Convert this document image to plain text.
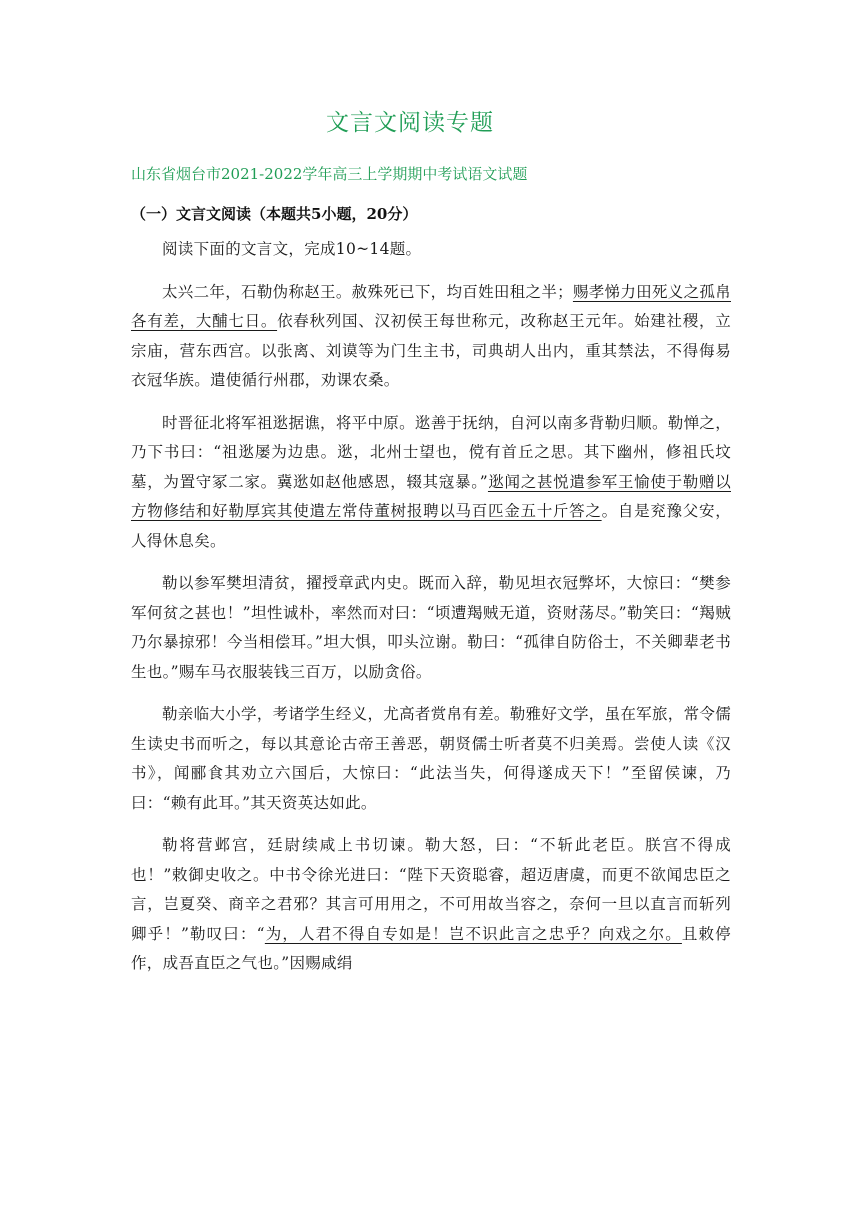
文言文阅读专题
山东省烟台市2021-2022学年高三上学期期中考试语文试题
（一）文言文阅读（本题共5小题，20分）

阅读下面的文言文，完成10~14题。

太兴二年，石勒伪称赵王。赦殊死已下，均百姓田租之半；赐孝悌力田死义之孤帛各有差，大酺七日。依春秋列国、汉初侯王每世称元，改称赵王元年。始建社稷，立宗庙，营东西宫。以张离、刘谟等为门生主书，司典胡人出内，重其禁法，不得侮易衣冠华族。遣使循行州郡，劝课农桑。

时晋征北将军祖逖据谯，将平中原。逖善于抚纳，自河以南多背勒归顺。勒惮之，乃下书曰：“祖逖屡为边患。逖，北州士望也，傥有首丘之思。其下幽州，修祖氏坟墓，为置守冢二家。冀逖如赵他感恩，辍其寇暴。”逖闻之甚悦遣参军王愉使于勒赠以方物修结和好勒厚宾其使遣左常侍董树报聘以马百匹金五十斤答之。自是兖豫父安，人得休息矣。

勒以参军樊坦清贫，擢授章武内史。既而入辞，勒见坦衣冠弊坏，大惊曰：“樊参军何贫之甚也！”坦性诚朴，率然而对曰：“顷遭羯贼无道，资财荡尽。”勒笑曰：“羯贼乃尔暴掠邪！今当相偿耳。”坦大惧，叩头泣谢。勒曰：“孤律自防俗士，不关卿辈老书生也。”赐车马衣服装钱三百万，以励贪俗。

勒亲临大小学，考诸学生经义，尤高者赏帛有差。勒雅好文学，虽在军旅，常令儒生读史书而听之，每以其意论古帝王善恶，朝贤儒士听者莫不归美焉。尝使人读《汉书》，闻郦食其劝立六国后，大惊曰：“此法当失，何得遂成天下！”至留侯谏，乃曰：“赖有此耳。”其天资英达如此。

勒将营邺宫，廷尉续咸上书切谏。勒大怒，曰：“不斩此老臣。朕宫不得成也！”敕御史收之。中书令徐光进曰：“陛下天资聪睿，超迈唐虞，而更不欲闻忠臣之言，岂夏癸、商辛之君邪？其言可用用之，不可用故当容之，奈何一旦以直言而斩列卿乎！”勒叹曰：“为，人君不得自专如是！岂不识此言之忠乎？向戏之尔。且敕停作，成吾直臣之气也。”因赐咸绢
